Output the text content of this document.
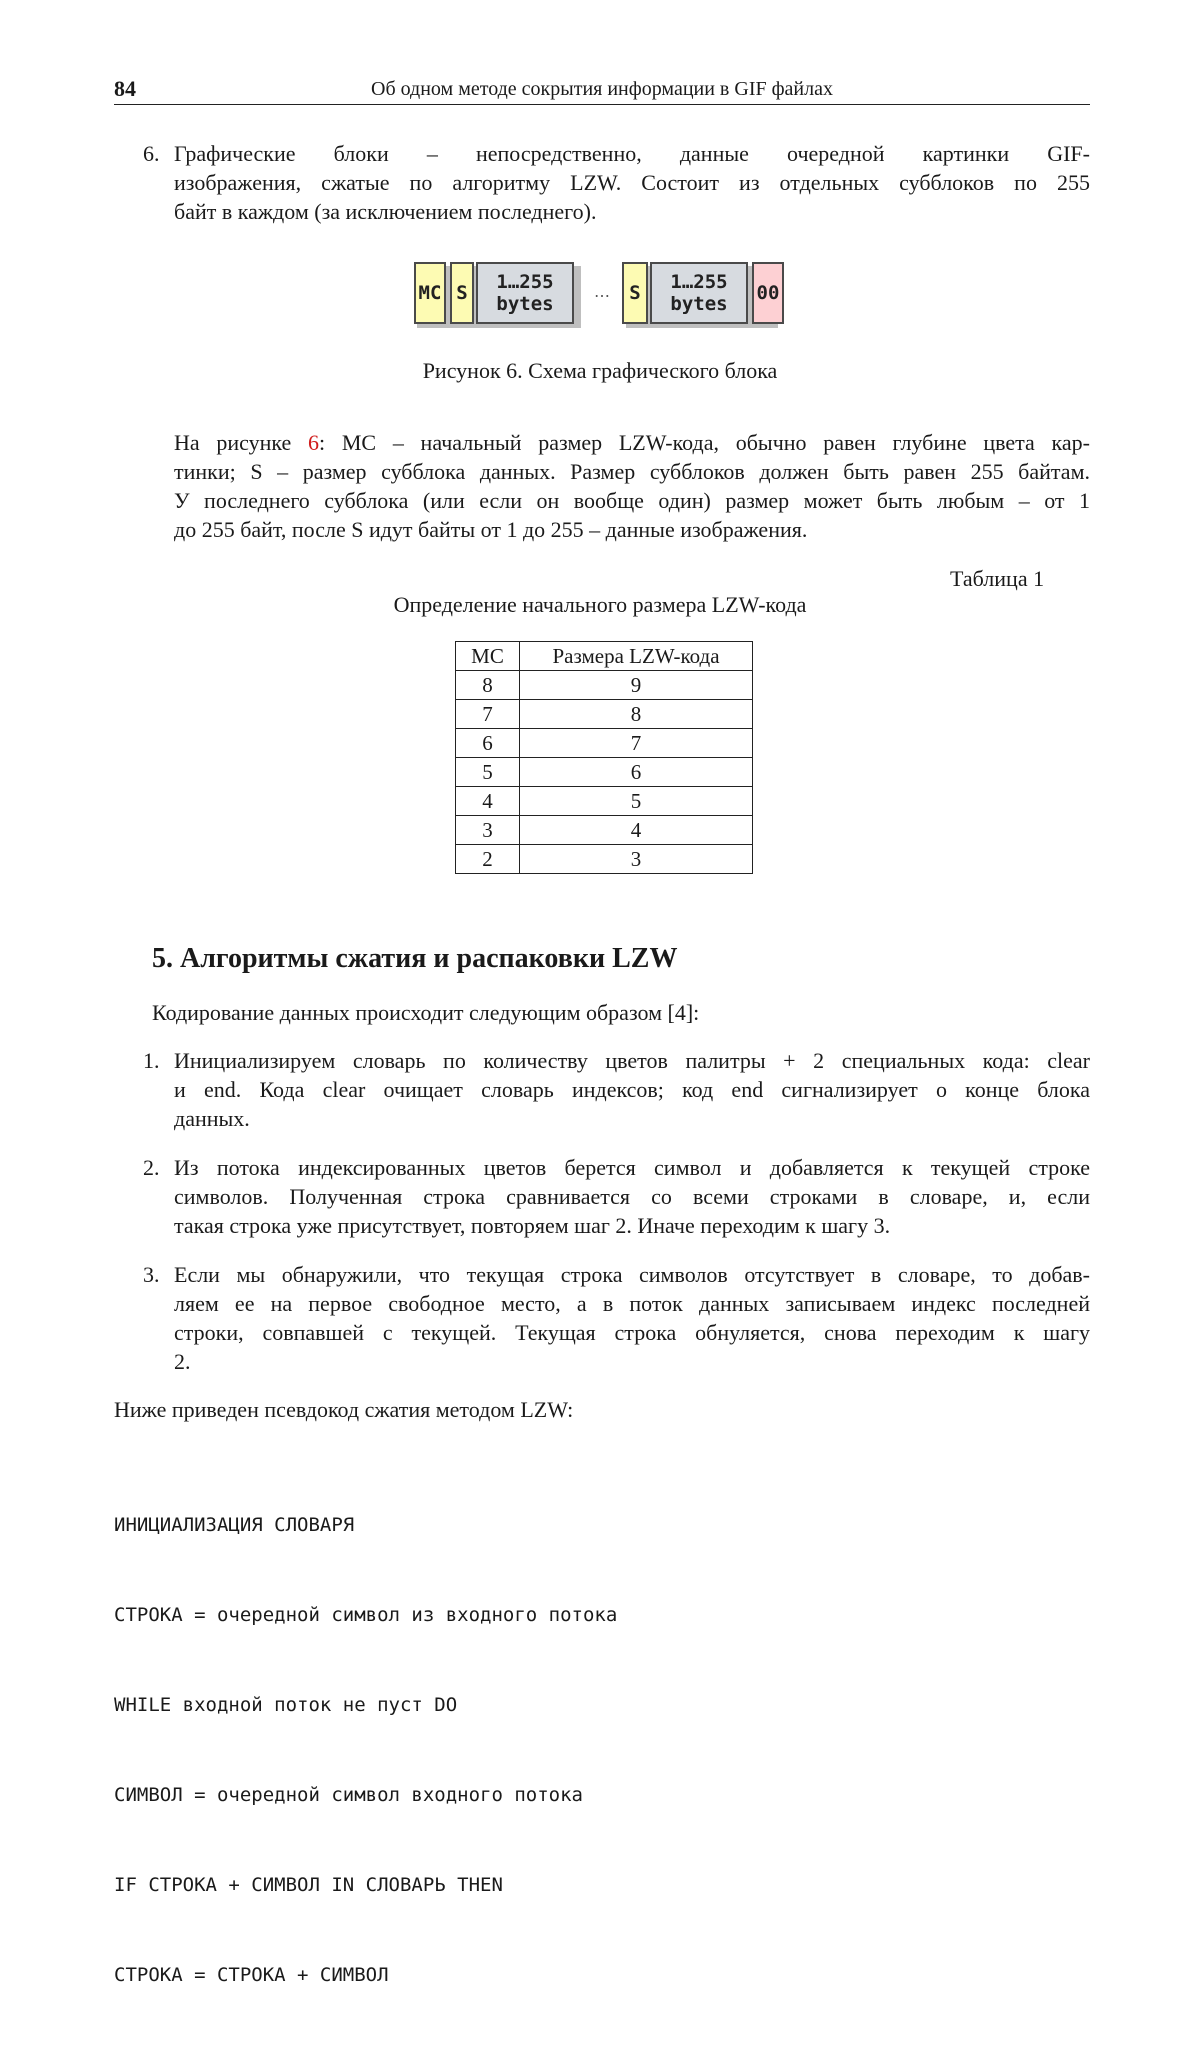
84	Об одном методе сокрытия информации в GIF файлах
6. Графические блоки – непосредственно, данные очередной картинки GIF-
изображения, сжатые по алгоритму LZW. Состоит из отдельных субблоков по 255
байт в каждом (за исключением последнего).
MC S	1…255
bytes
…	S	1…255
bytes 00
Рисунок 6. Схема графического блока
На рисунке 6: MC – начальный размер LZW-кода, обычно равен глубине цвета кар-
тинки; S – размер субблока данных. Размер субблоков должен быть равен 255 байтам.
У последнего субблока (или если он вообще один) размер может быть любым – от 1
до 255 байт, после S идут байты от 1 до 255 – данные изображения.
Таблица 1
Определение начального размера LZW-кода
MC	Размера LZW-кода
8	9
7	8
6	7
5	6
4	5
3	4
2	3
5. Алгоритмы сжатия и распаковки LZW
Кодирование данных происходит следующим образом [4]:
1. Инициализируем словарь по количеству цветов палитры + 2 специальных кода: clear
и end. Кода clear очищает словарь индексов; код end сигнализирует о конце блока
данных.
2. Из потока индексированных цветов берется символ и добавляется к текущей строке
символов. Полученная строка сравнивается со всеми строками в словаре, и, если
такая строка уже присутствует, повторяем шаг 2. Иначе переходим к шагу 3.
3. Если мы обнаружили, что текущая строка символов отсутствует в словаре, то добав-
ляем ее на первое свободное место, а в поток данных записываем индекс последней
строки, совпавшей с текущей. Текущая строка обнуляется, снова переходим к шагу
2.
Ниже приведен псевдокод сжатия методом LZW:

ИНИЦИАЛИЗАЦИЯ СЛОВАРЯ

СТРОКА = очередной символ из входного потока

WHILE входной поток не пуст DO

СИМВОЛ = очередной символ входного потока

IF СТРОКА + СИМВОЛ IN СЛОВАРЬ THEN

СТРОКА = СТРОКА + СИМВОЛ
